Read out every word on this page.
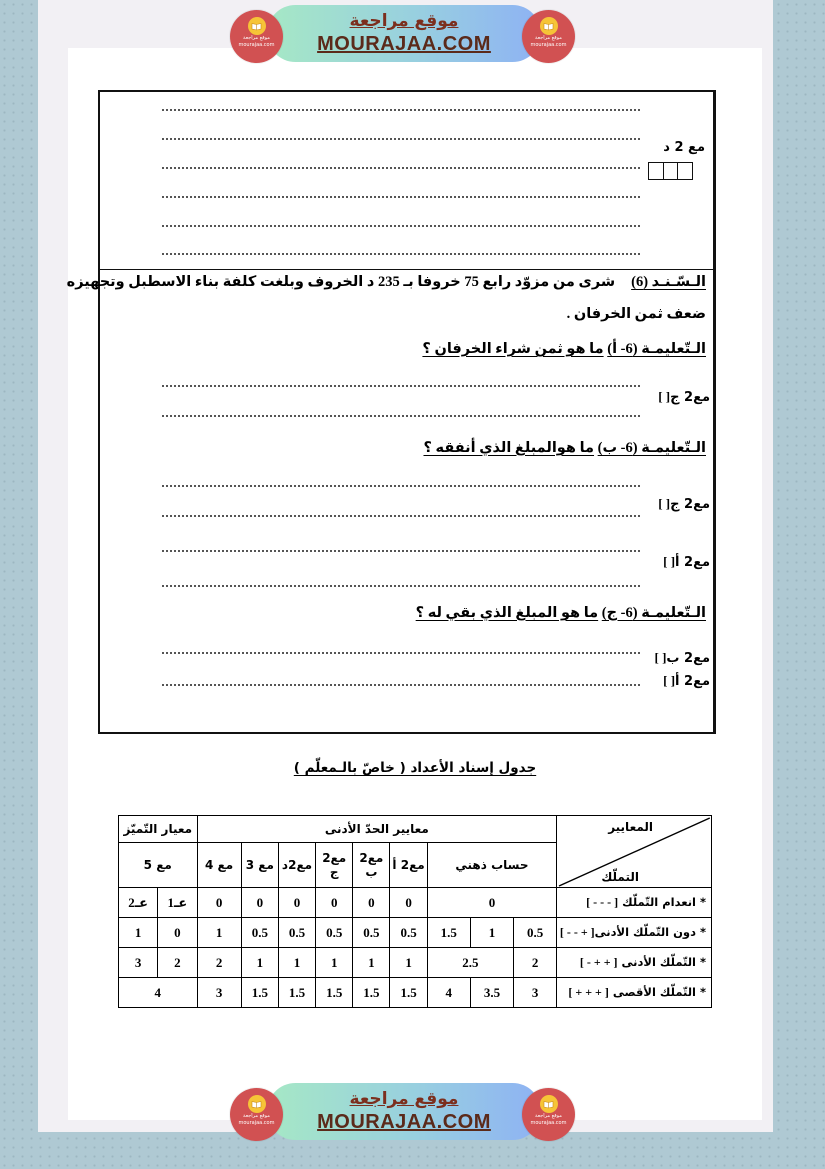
الـسّـنـد (6)شرى من مزوّد رابع 75 خروفا بـ 235 د الخروف وبلغت كلفة بناء الاسطبل وتجهيزه
ضعف ثمن الخرفان .
الـتّعليمـة (6- أ) ما هو ثمن شراء الخرفان ؟
الـتّعليمـة (6- ب) ما هوالمبلغ الذي أنفقه ؟
الـتّعليمـة (6- ج) ما هو المبلغ الذي بقي له ؟
مع 2 د
مع2 ج[ ]
مع2 ج[ ]
مع2 أ[ ]
مع2 ب[ ]
مع2 أ[ ]
جدول إسناد الأعداد ( خاصّ بالـمعلّم )
المعايير
التملّك	معايير الحدّ الأدنى									معيار التّميّز	
	حساب ذهني			مع2 أ	مع2 ب	مع2 ج	مع2د	مع 3	مع 4	مع 5	
* انعدام التّملّك [ - - - ]	0			0	0	0	0	0	0	عـ1	عـ2
* دون التّملّك الأدنى[ - - + ]	0.5	1	1.5	0.5	0.5	0.5	0.5	0.5	1	0	1
* التّملّك الأدنى [ - + + ]	2	2.5		1	1	1	1	1	2	2	3
* التّملّك الأقصى [ + + + ]	3	3.5	4	1.5	1.5	1.5	1.5	1.5	3	4	
موقع مراجعة
mourajaa.com
موقع مراجعة
MOURAJAA.COM	موقع مراجعة
mourajaa.com
موقع مراجعة
mourajaa.com
موقع مراجعة
MOURAJAA.COM	موقع مراجعة
mourajaa.com
